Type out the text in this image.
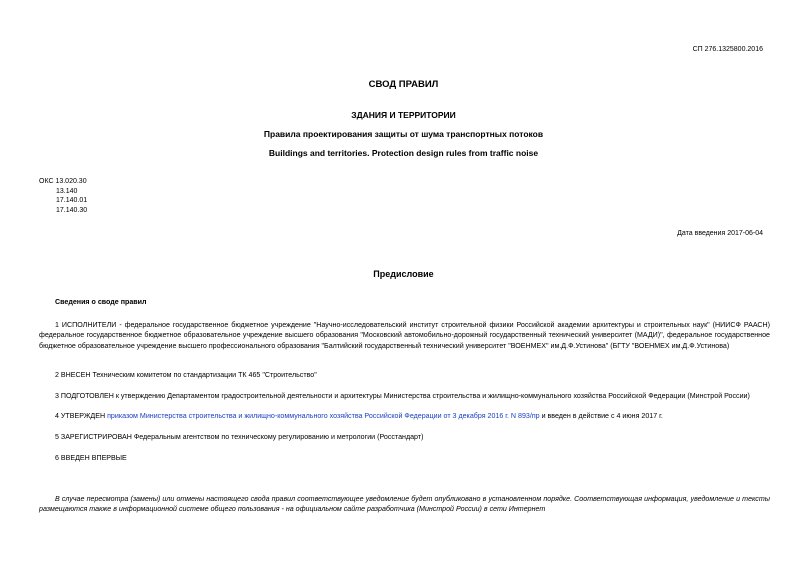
СП 276.1325800.2016
СВОД ПРАВИЛ
ЗДАНИЯ И ТЕРРИТОРИИ
Правила проектирования защиты от шума транспортных потоков
Buildings and territories. Protection design rules from traffic noise
ОКС 13.020.30
13.140
17.140.01
17.140.30
Дата введения 2017-06-04
Предисловие
Сведения о своде правил
1 ИСПОЛНИТЕЛИ - федеральное государственное бюджетное учреждение "Научно-исследовательский институт строительной физики Российской академии архитектуры и строительных наук" (НИИСФ РААСН) федеральное государственное бюджетное образовательное учреждение высшего образования "Московский автомобильно-дорожный государственный технический университет (МАДИ)", федеральное государственное бюджетное образовательное учреждение высшего профессионального образования "Балтийский государственный технический университет "ВОЕНМЕХ" им.Д.Ф.Устинова" (БГТУ "ВОЕНМЕХ им.Д.Ф.Устинова)
2 ВНЕСЕН Техническим комитетом по стандартизации ТК 465 "Строительство"
3 ПОДГОТОВЛЕН к утверждению Департаментом градостроительной деятельности и архитектуры Министерства строительства и жилищно-коммунального хозяйства Российской Федерации (Минстрой России)
4 УТВЕРЖДЕН приказом Министерства строительства и жилищно-коммунального хозяйства Российской Федерации от 3 декабря 2016 г. N 893/пр и введен в действие с 4 июня 2017 г.
5 ЗАРЕГИСТРИРОВАН Федеральным агентством по техническому регулированию и метрологии (Росстандарт)
6 ВВЕДЕН ВПЕРВЫЕ
В случае пересмотра (замены) или отмены настоящего свода правил соответствующее уведомление будет опубликовано в установленном порядке. Соответствующая информация, уведомление и тексты размещаются также в информационной системе общего пользования - на официальном сайте разработчика (Минстрой России) в сети Интернет
